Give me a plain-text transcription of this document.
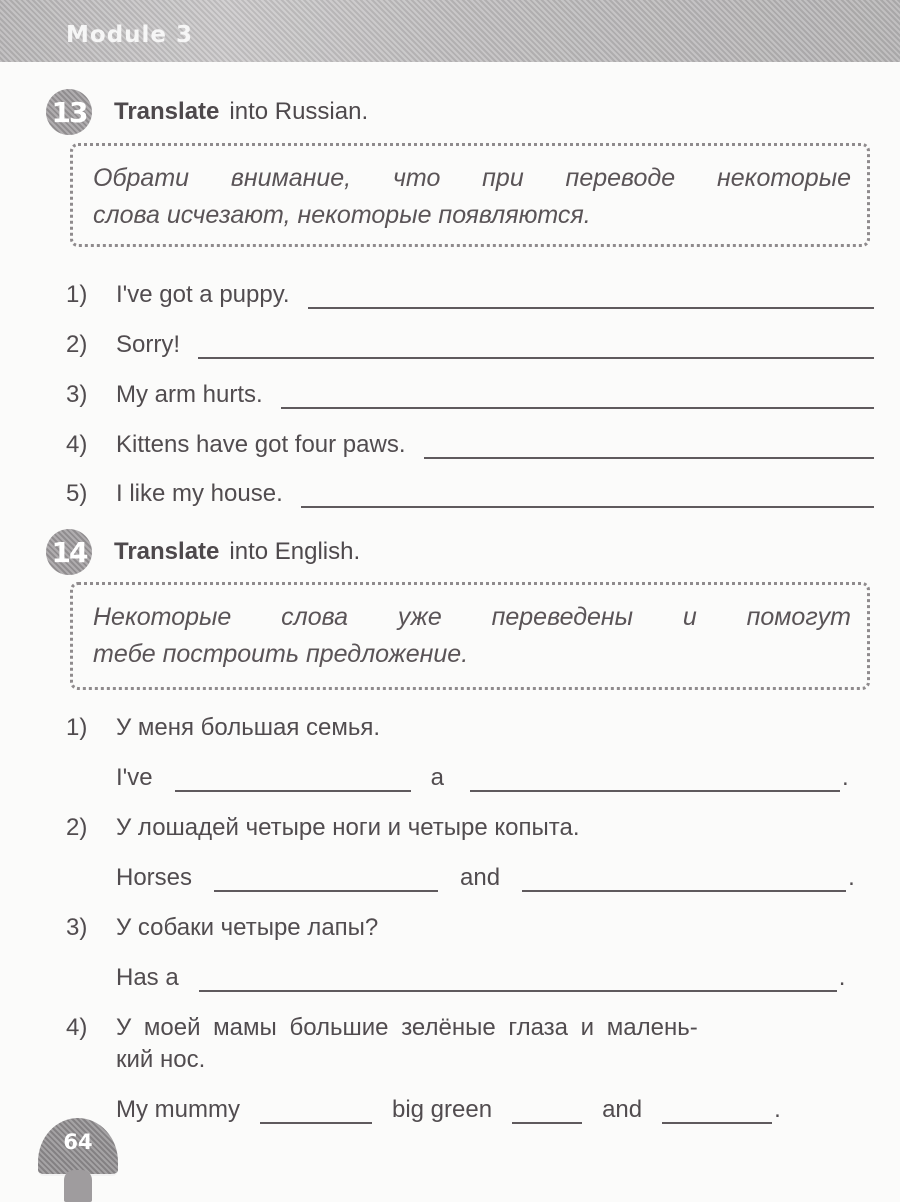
Module 3
13 Translate into Russian.
Обрати внимание, что при переводе некоторые
слова исчезают, некоторые появляются.
1)	I've got a puppy.
2)	Sorry!
3)	My arm hurts.
4)	Kittens have got four paws.
5)	I like my house.
14 Translate into English.
Некоторые слова уже переведены и помогут
тебе построить предложение.
1)	У меня большая семья.
I've	a	.
2)	У лошадей четыре ноги и четыре копыта.
Horses	and	.
3)	У собаки четыре лапы?
Has a	.
4)	У моей мамы большие зелёные глаза и малень-
кий нос.
My mummy	big green	and	.
64
